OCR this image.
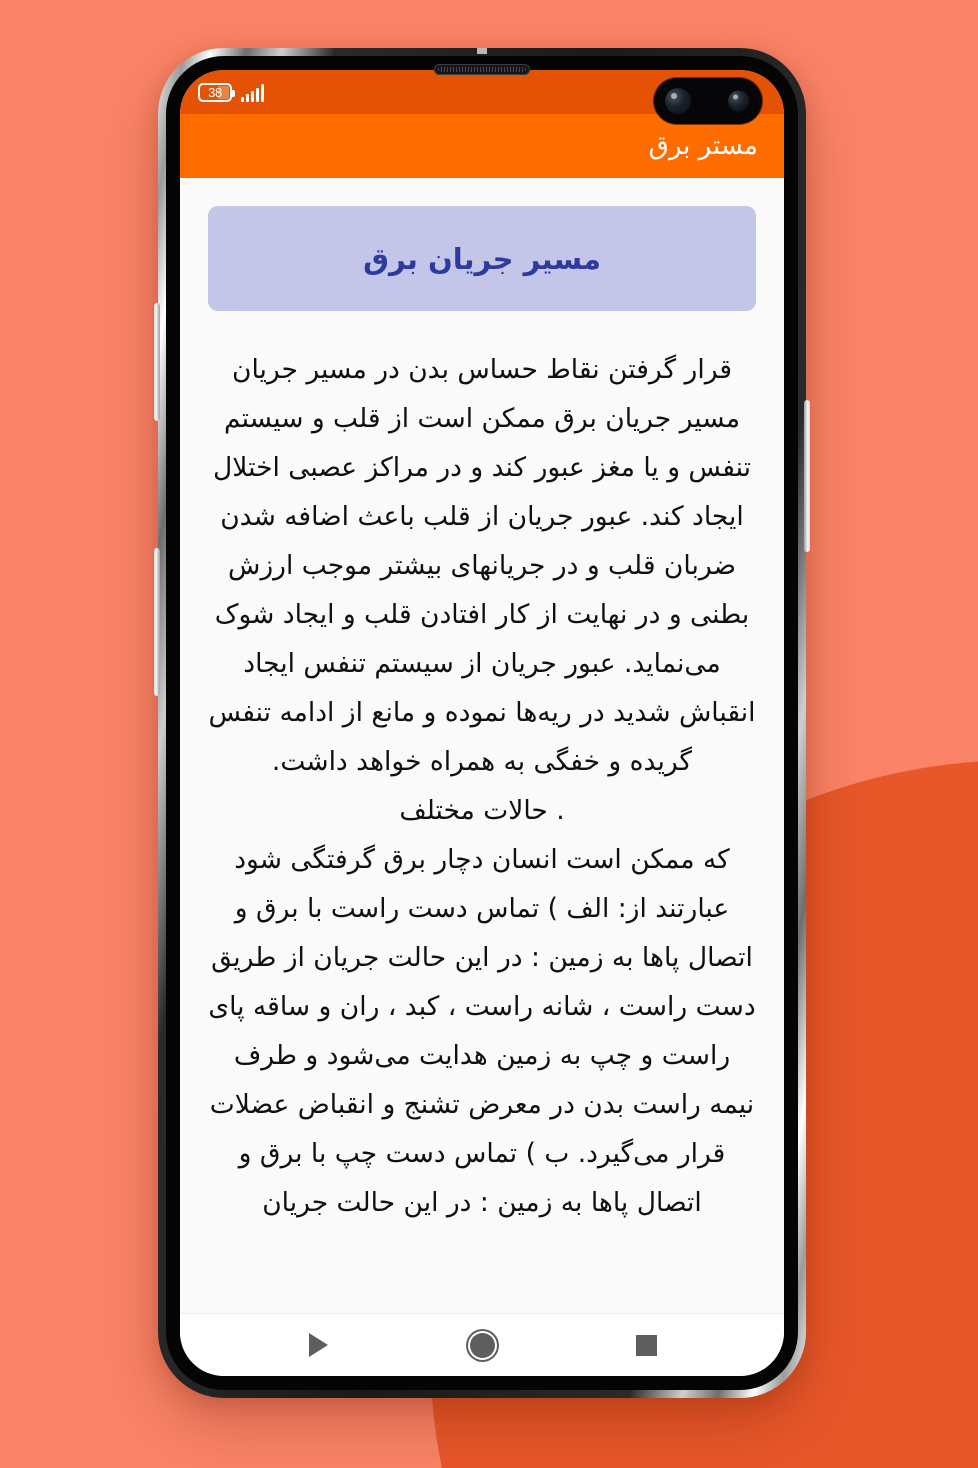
38
مستر برق
مسیر جریان برق

قرار گرفتن نقاط حساس بدن در مسیر جریان مسیر جریان برق ممکن است از قلب و سیستم تنفس و یا مغز عبور کند و در مراکز عصبی اختلال ایجاد کند. عبور جریان از قلب باعث اضافه شدن ضربان قلب و در جریانهای بیشتر موجب ارزش بطنی و در نهایت از کار افتادن قلب و ایجاد شوک می‌نماید. عبور جریان از سیستم تنفس ایجاد انقباش شدید در ریه‌ها نموده و مانع از ادامه تنفس گریده و خفگی به همراه خواهد داشت.

. حالات مختلف

که ممکن است انسان دچار برق گرفتگی شود عبارتند از: الف ) تماس دست راست با برق و اتصال پاها به زمین : در این حالت جریان از طریق دست راست ، شانه راست ، کبد ، ران و ساقه پای راست و چپ به زمین هدایت می‌شود و طرف نیمه راست بدن در معرض تشنج و انقباض عضلات قرار می‌گیرد. ب ) تماس دست چپ با برق و اتصال پاها به زمین : در این حالت جریان
